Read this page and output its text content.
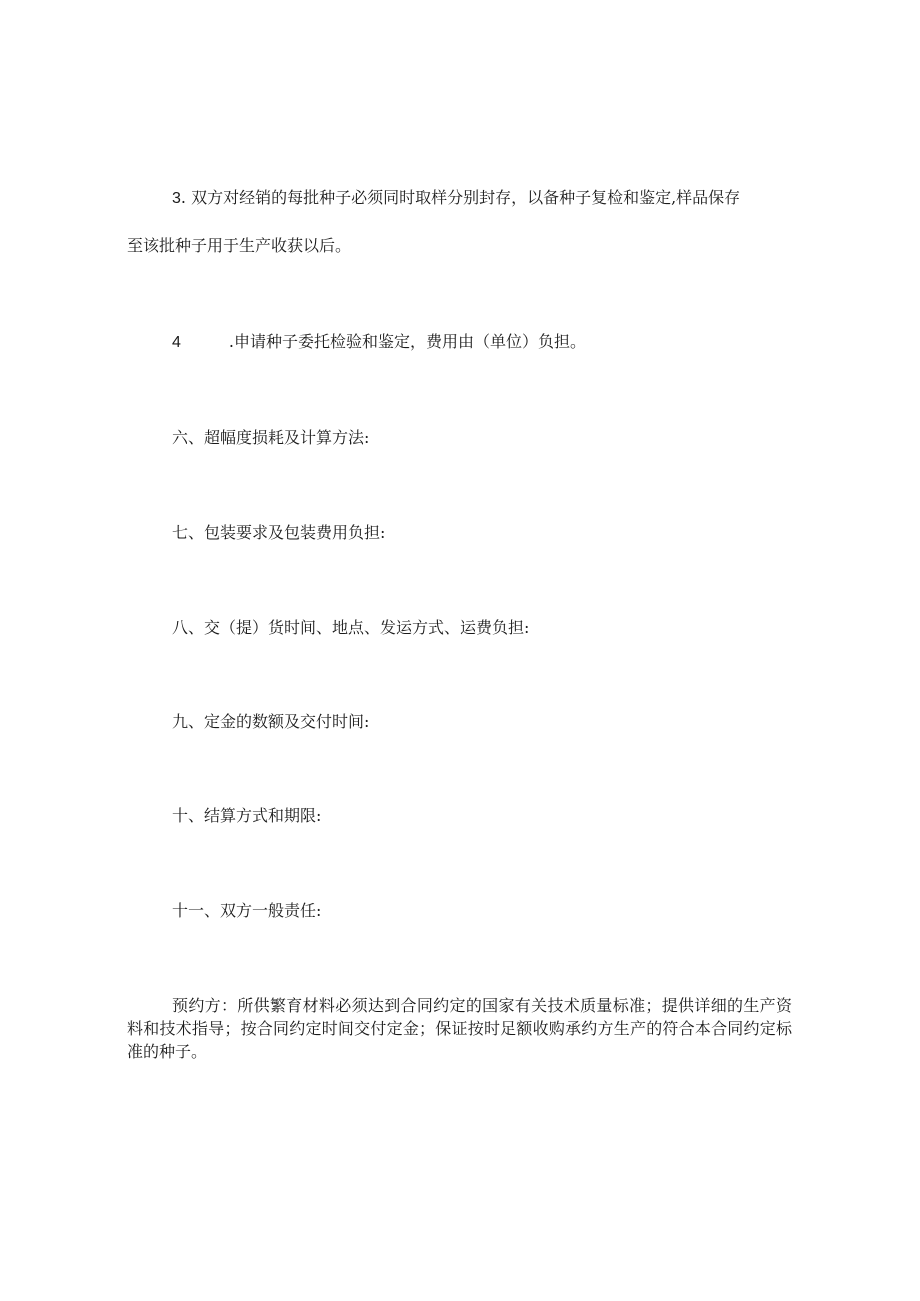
3. 双方对经销的每批种子必须同时取样分别封存，以备种子复检和鉴定,样品保存
至该批种子用于生产收获以后。
4	.申请种子委托检验和鉴定，费用由（单位）负担。
六、超幅度损耗及计算方法:
七、包装要求及包装费用负担:
八、交（提）货时间、地点、发运方式、运费负担:
九、定金的数额及交付时间:
十、结算方式和期限:
十一、双方一般责任:
预约方：所供繁育材料必须达到合同约定的国家有关技术质量标准；提供详细的生产资料和技术指导；按合同约定时间交付定金；保证按时足额收购承约方生产的符合本合同约定标准的种子。
